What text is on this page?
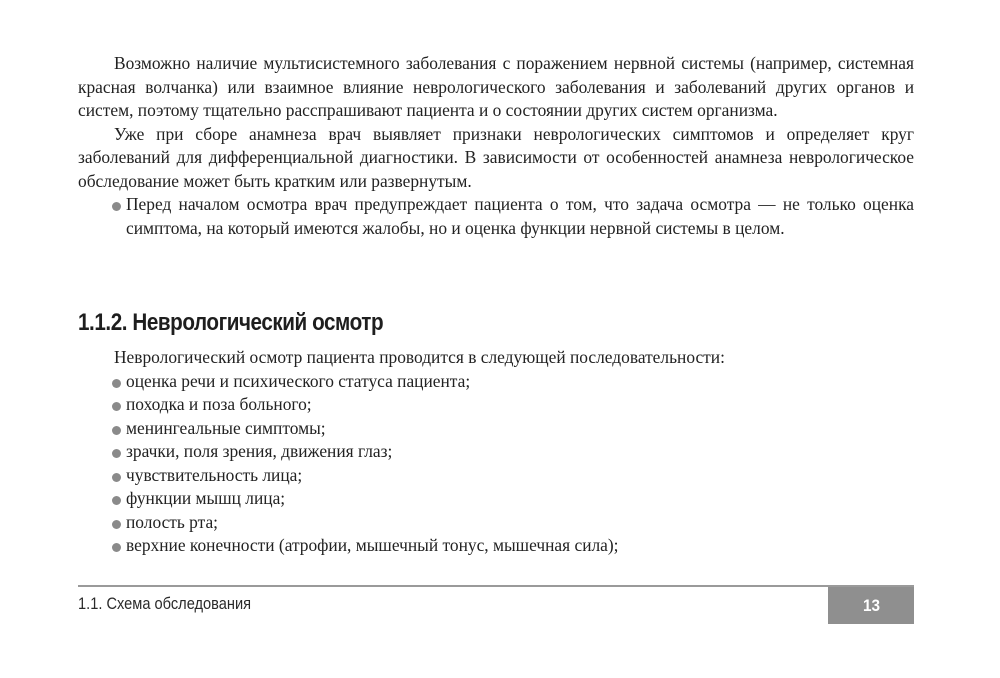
Возможно наличие мультисистемного заболевания с поражением нервной системы (например, системная красная волчанка) или взаимное влияние неврологического заболевания и заболеваний других органов и систем, поэтому тщательно расспрашивают пациента и о состоянии других систем организма.

Уже при сборе анамнеза врач выявляет признаки неврологических симптомов и определяет круг заболеваний для дифференциальной диагностики. В зависимости от особенностей анамнеза неврологическое обследование может быть кратким или развернутым.

Перед началом осмотра врач предупреждает пациента о том, что задача осмотра — не только оценка симптома, на который имеются жалобы, но и оценка функции нервной системы в целом.
1.1.2. Неврологический осмотр

Неврологический осмотр пациента проводится в следующей последовательности:

оценка речи и психического статуса пациента;
походка и поза больного;
менингеальные симптомы;
зрачки, поля зрения, движения глаз;
чувствительность лица;
функции мышц лица;
полость рта;
верхние конечности (атрофии, мышечный тонус, мышечная сила);
1.1. Схема обследования	13
